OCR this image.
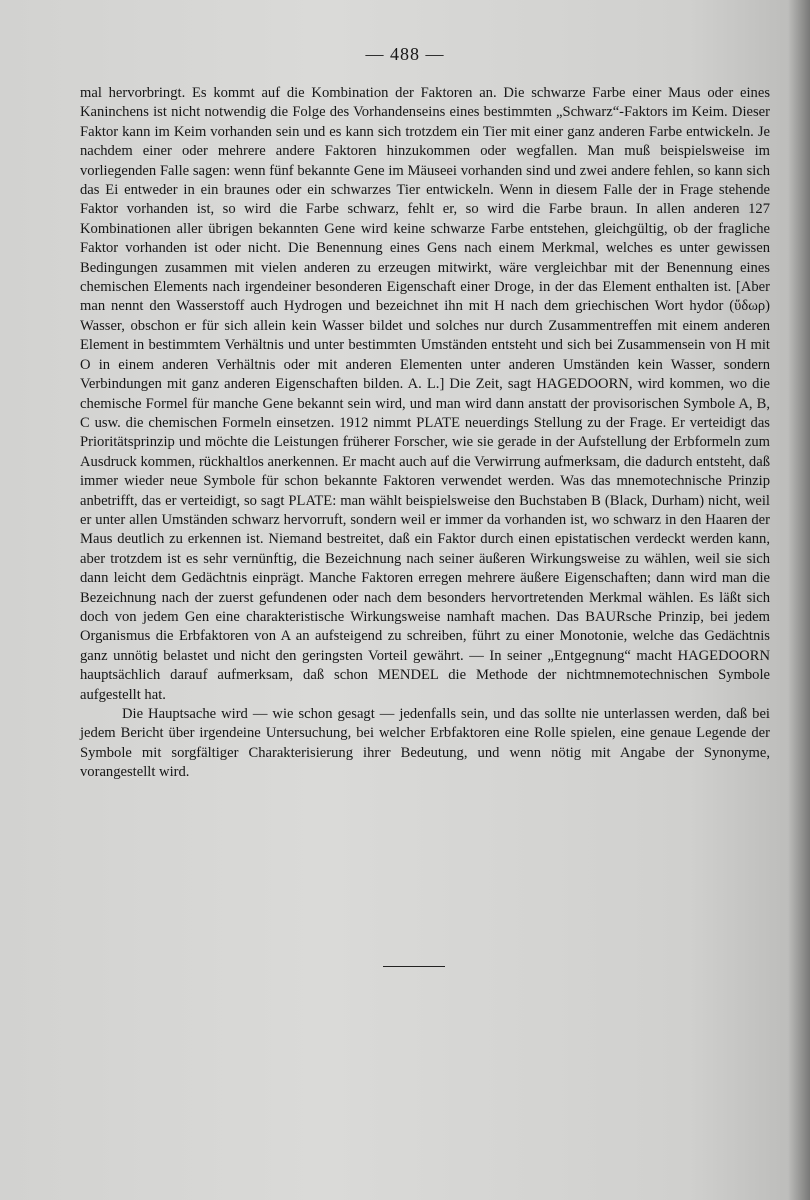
— 488 —

mal hervorbringt. Es kommt auf die Kombination der Faktoren an. Die schwarze Farbe einer Maus oder eines Kaninchens ist nicht notwendig die Folge des Vorhandenseins eines bestimmten „Schwarz“-Faktors im Keim. Dieser Faktor kann im Keim vorhanden sein und es kann sich trotzdem ein Tier mit einer ganz anderen Farbe entwickeln. Je nachdem einer oder mehrere andere Faktoren hinzukommen oder wegfallen. Man muß beispielsweise im vorliegenden Falle sagen: wenn fünf bekannte Gene im Mäuseei vorhanden sind und zwei andere fehlen, so kann sich das Ei entweder in ein braunes oder ein schwarzes Tier entwickeln. Wenn in diesem Falle der in Frage stehende Faktor vorhanden ist, so wird die Farbe schwarz, fehlt er, so wird die Farbe braun. In allen anderen 127 Kombinationen aller übrigen bekannten Gene wird keine schwarze Farbe entstehen, gleichgültig, ob der fragliche Faktor vorhanden ist oder nicht. Die Benennung eines Gens nach einem Merkmal, welches es unter gewissen Bedingungen zusammen mit vielen anderen zu erzeugen mitwirkt, wäre vergleichbar mit der Benennung eines chemischen Elements nach irgendeiner besonderen Eigenschaft einer Droge, in der das Element enthalten ist. [Aber man nennt den Wasserstoff auch Hydrogen und bezeichnet ihn mit H nach dem griechischen Wort hydor (ὕδωρ) Wasser, obschon er für sich allein kein Wasser bildet und solches nur durch Zusammentreffen mit einem anderen Element in bestimmtem Verhältnis und unter bestimmten Umständen entsteht und sich bei Zusammensein von H mit O in einem anderen Verhältnis oder mit anderen Elementen unter anderen Umständen kein Wasser, sondern Verbindungen mit ganz anderen Eigenschaften bilden. A. L.] Die Zeit, sagt HAGEDOORN, wird kommen, wo die chemische Formel für manche Gene bekannt sein wird, und man wird dann anstatt der provisorischen Symbole A, B, C usw. die chemischen Formeln einsetzen. 1912 nimmt PLATE neuerdings Stellung zu der Frage. Er verteidigt das Prioritätsprinzip und möchte die Leistungen früherer Forscher, wie sie gerade in der Aufstellung der Erbformeln zum Ausdruck kommen, rückhaltlos anerkennen. Er macht auch auf die Verwirrung aufmerksam, die dadurch entsteht, daß immer wieder neue Symbole für schon bekannte Faktoren verwendet werden. Was das mnemotechnische Prinzip anbetrifft, das er verteidigt, so sagt PLATE: man wählt beispielsweise den Buchstaben B (Black, Durham) nicht, weil er unter allen Umständen schwarz hervorruft, sondern weil er immer da vorhanden ist, wo schwarz in den Haaren der Maus deutlich zu erkennen ist. Niemand bestreitet, daß ein Faktor durch einen epistatischen verdeckt werden kann, aber trotzdem ist es sehr vernünftig, die Bezeichnung nach seiner äußeren Wirkungsweise zu wählen, weil sie sich dann leicht dem Gedächtnis einprägt. Manche Faktoren erregen mehrere äußere Eigenschaften; dann wird man die Bezeichnung nach der zuerst gefundenen oder nach dem besonders hervortretenden Merkmal wählen. Es läßt sich doch von jedem Gen eine charakteristische Wirkungsweise namhaft machen. Das BAURsche Prinzip, bei jedem Organismus die Erbfaktoren von A an aufsteigend zu schreiben, führt zu einer Monotonie, welche das Gedächtnis ganz unnötig belastet und nicht den geringsten Vorteil gewährt. — In seiner „Entgegnung“ macht HAGEDOORN hauptsächlich darauf aufmerksam, daß schon MENDEL die Methode der nichtmnemotechnischen Symbole aufgestellt hat.

Die Hauptsache wird — wie schon gesagt — jedenfalls sein, und das sollte nie unterlassen werden, daß bei jedem Bericht über irgendeine Untersuchung, bei welcher Erbfaktoren eine Rolle spielen, eine genaue Legende der Symbole mit sorgfältiger Charakterisierung ihrer Bedeutung, und wenn nötig mit Angabe der Synonyme, vorangestellt wird.
